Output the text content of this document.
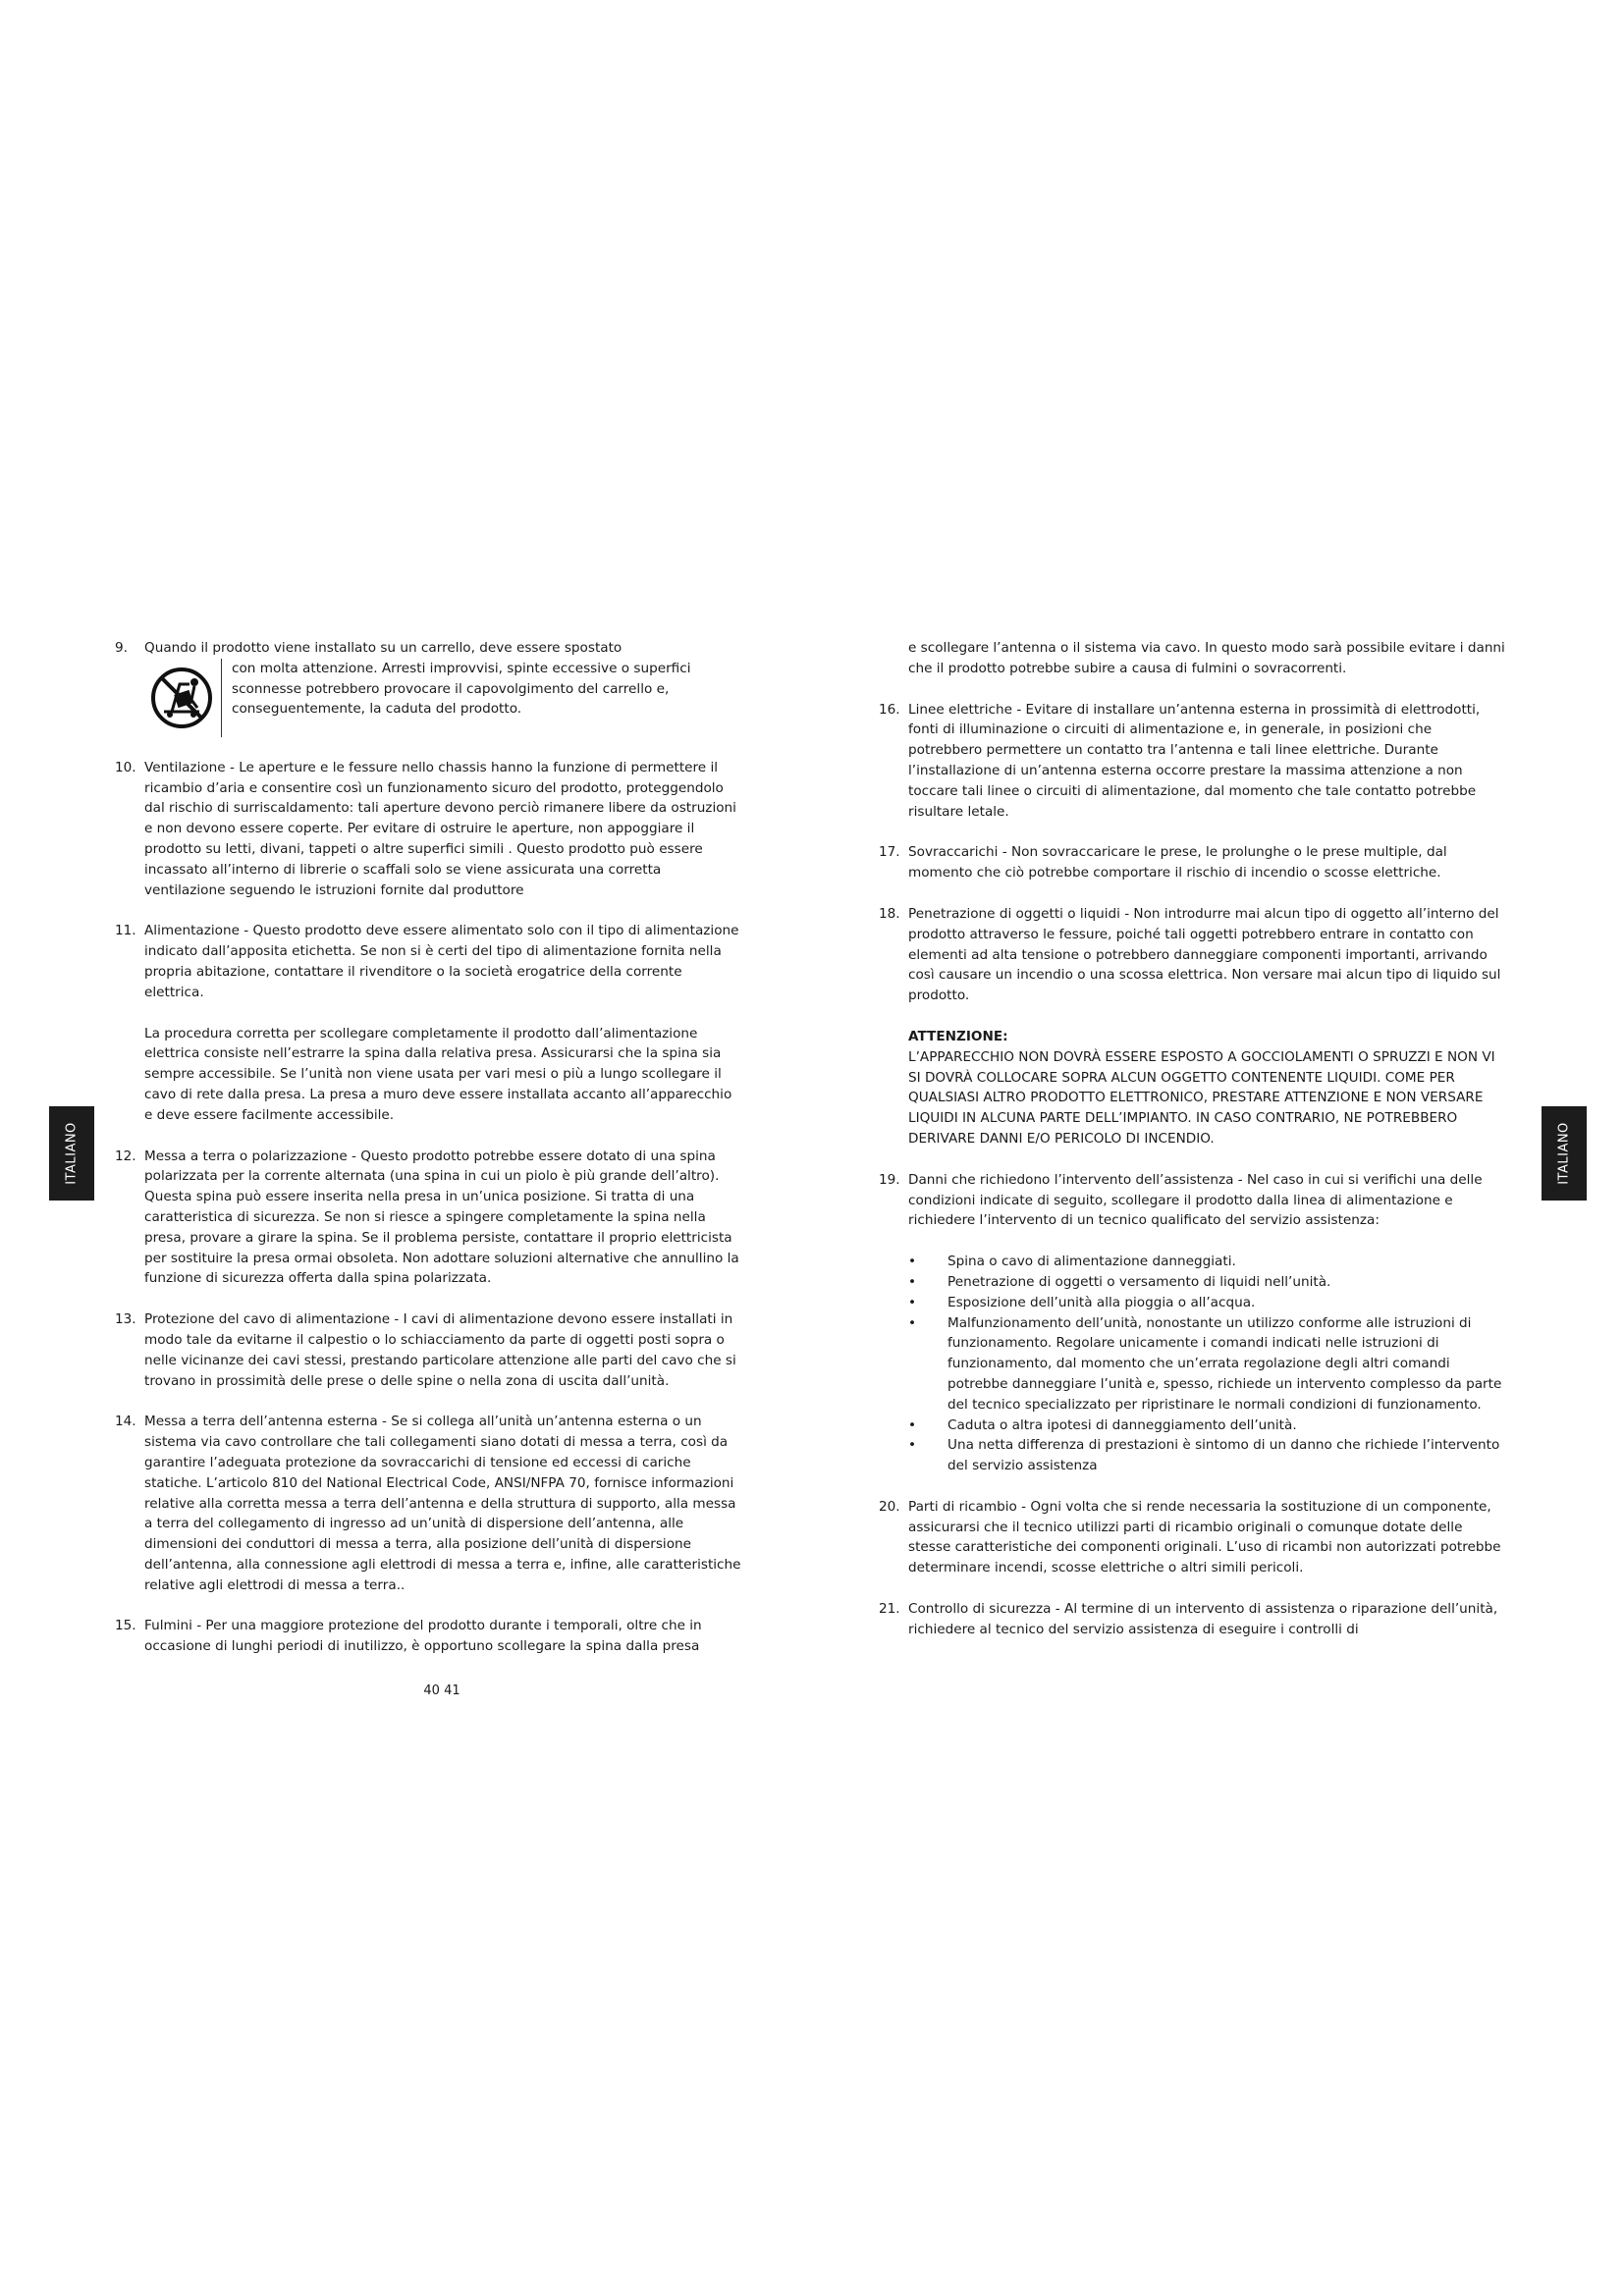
9. Quando il prodotto viene installato su un carrello, deve essere spostato

con molta attenzione. Arresti improvvisi, spinte eccessive o superfici sconnesse potrebbero provocare il capovolgimento del carrello e, conseguentemente, la caduta del prodotto.

10. Ventilazione - Le aperture e le fessure nello chassis hanno la funzione di permettere il ricambio d’aria e consentire così un funzionamento sicuro del prodotto, proteggendolo dal rischio di surriscaldamento: tali aperture devono perciò rimanere libere da ostruzioni e non devono essere coperte. Per evitare di ostruire le aperture, non appoggiare il prodotto su letti, divani, tappeti o altre superfici simili . Questo prodotto può essere incassato all’interno di librerie o scaffali solo se viene assicurata una corretta ventilazione seguendo le istruzioni fornite dal produttore

11. Alimentazione - Questo prodotto deve essere alimentato solo con il tipo di alimentazione indicato dall’apposita etichetta. Se non si è certi del tipo di alimentazione fornita nella propria abitazione, contattare il rivenditore o la società erogatrice della corrente elettrica.

La procedura corretta per scollegare completamente il prodotto dall’alimentazione elettrica consiste nell’estrarre la spina dalla relativa presa. Assicurarsi che la spina sia sempre accessibile. Se l’unità non viene usata per vari mesi o più a lungo scollegare il cavo di rete dalla presa. La presa a muro deve essere installata accanto all’apparecchio e deve essere facilmente accessibile.

12. Messa a terra o polarizzazione - Questo prodotto potrebbe essere dotato di una spina polarizzata per la corrente alternata (una spina in cui un piolo è più grande dell’altro). Questa spina può essere inserita nella presa in un’unica posizione. Si tratta di una caratteristica di sicurezza. Se non si riesce a spingere completamente la spina nella presa, provare a girare la spina. Se il problema persiste, contattare il proprio elettricista per sostituire la presa ormai obsoleta. Non adottare soluzioni alternative che annullino la funzione di sicurezza offerta dalla spina polarizzata.

13. Protezione del cavo di alimentazione - I cavi di alimentazione devono essere installati in modo tale da evitarne il calpestio o lo schiacciamento da parte di oggetti posti sopra o nelle vicinanze dei cavi stessi, prestando particolare attenzione alle parti del cavo che si trovano in prossimità delle prese o delle spine o nella zona di uscita dall’unità.

14. Messa a terra dell’antenna esterna - Se si collega all’unità un’antenna esterna o un sistema via cavo controllare che tali collegamenti siano dotati di messa a terra, così da garantire l’adeguata protezione da sovraccarichi di tensione ed eccessi di cariche statiche. L’articolo 810 del National Electrical Code, ANSI/NFPA 70, fornisce informazioni relative alla corretta messa a terra dell’antenna e della struttura di supporto, alla messa a terra del collegamento di ingresso ad un’unità di dispersione dell’antenna, alle dimensioni dei conduttori di messa a terra, alla posizione dell’unità di dispersione dell’antenna, alla connessione agli elettrodi di messa a terra e, infine, alle caratteristiche relative agli elettrodi di messa a terra..

15. Fulmini - Per una maggiore protezione del prodotto durante i temporali, oltre che in occasione di lunghi periodi di inutilizzo, è opportuno scollegare la spina dalla presa

e scollegare l’antenna o il sistema via cavo. In questo modo sarà possibile evitare i danni che il prodotto potrebbe subire a causa di fulmini o sovracorrenti.

16. Linee elettriche - Evitare di installare un’antenna esterna in prossimità di elettrodotti, fonti di illuminazione o circuiti di alimentazione e, in generale, in posizioni che potrebbero permettere un contatto tra l’antenna e tali linee elettriche. Durante l’installazione di un’antenna esterna occorre prestare la massima attenzione a non toccare tali linee o circuiti di alimentazione, dal momento che tale contatto potrebbe risultare letale.

17. Sovraccarichi - Non sovraccaricare le prese, le prolunghe o le prese multiple, dal momento che ciò potrebbe comportare il rischio di incendio o scosse elettriche.

18. Penetrazione di oggetti o liquidi - Non introdurre mai alcun tipo di oggetto all’interno del prodotto attraverso le fessure, poiché tali oggetti potrebbero entrare in contatto con elementi ad alta tensione o potrebbero danneggiare componenti importanti, arrivando così causare un incendio o una scossa elettrica. Non versare mai alcun tipo di liquido sul prodotto.

ATTENZIONE:

L’APPARECCHIO NON DOVRÀ ESSERE ESPOSTO A GOCCIOLAMENTI O SPRUZZI E NON VI SI DOVRÀ COLLOCARE SOPRA ALCUN OGGETTO CONTENENTE LIQUIDI. COME PER QUALSIASI ALTRO PRODOTTO ELETTRONICO, PRESTARE ATTENZIONE E NON VERSARE LIQUIDI IN ALCUNA PARTE DELL’IMPIANTO. IN CASO CONTRARIO, NE POTREBBERO DERIVARE DANNI E/O PERICOLO DI INCENDIO.

19. Danni che richiedono l’intervento dell’assistenza - Nel caso in cui si verifichi una delle condizioni indicate di seguito, scollegare il prodotto dalla linea di alimentazione e richiedere l’intervento di un tecnico qualificato del servizio assistenza:

• Spina o cavo di alimentazione danneggiati.
• Penetrazione di oggetti o versamento di liquidi nell’unità.
• Esposizione dell’unità alla pioggia o all’acqua.
• Malfunzionamento dell’unità, nonostante un utilizzo conforme alle istruzioni di funzionamento. Regolare unicamente i comandi indicati nelle istruzioni di funzionamento, dal momento che un’errata regolazione degli altri comandi potrebbe danneggiare l’unità e, spesso, richiede un intervento complesso da parte del tecnico specializzato per ripristinare le normali condizioni di funzionamento.
• Caduta o altra ipotesi di danneggiamento dell’unità.
• Una netta differenza di prestazioni è sintomo di un danno che richiede l’intervento del servizio assistenza
20. Parti di ricambio - Ogni volta che si rende necessaria la sostituzione di un componente, assicurarsi che il tecnico utilizzi parti di ricambio originali o comunque dotate delle stesse caratteristiche dei componenti originali. L’uso di ricambi non autorizzati potrebbe determinare incendi, scosse elettriche o altri simili pericoli.

21. Controllo di sicurezza - Al termine di un intervento di assistenza o riparazione dell’unità, richiedere al tecnico del servizio assistenza di eseguire i controlli di

ITALIANO	ITALIANO
40 41
